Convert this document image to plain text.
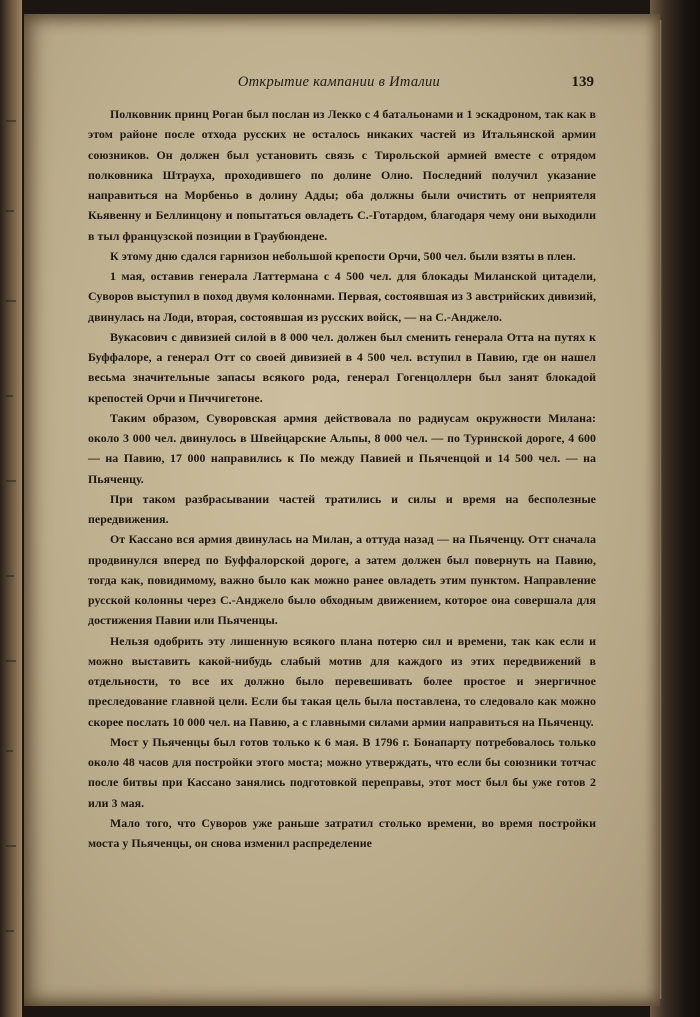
Открытие кампании в Италии	139

Полковник принц Роган был послан из Лекко с 4 батальонами и 1 эскадроном, так как в этом районе после отхода русских не осталось никаких частей из Итальянской армии союзников. Он должен был установить связь с Тирольской армией вместе с отрядом полковника Штрауха, проходившего по долине Олио. Последний получил указание направиться на Морбеньо в долину Адды; оба должны были очистить от неприятеля Кьявенну и Беллинцону и попытаться овладеть С.-Готардом, благодаря чему они выходили в тыл французской позиции в Граубюндене.

К этому дню сдался гарнизон небольшой крепости Орчи, 500 чел. были взяты в плен.

1 мая, оставив генерала Латтермана с 4 500 чел. для блокады Миланской цитадели, Суворов выступил в поход двумя колоннами. Первая, состоявшая из 3 австрийских дивизий, двинулась на Лоди, вторая, состоявшая из русских войск, — на С.-Анджело.

Вукасович с дивизией силой в 8 000 чел. должен был сменить генерала Отта на путях к Буффалоре, а генерал Отт со своей дивизией в 4 500 чел. вступил в Павию, где он нашел весьма значительные запасы всякого рода, генерал Гогенцоллерн был занят блокадой крепостей Орчи и Пиччигетоне.

Таким образом, Суворовская армия действовала по радиусам окружности Милана: около 3 000 чел. двинулось в Швейцарские Альпы, 8 000 чел. — по Туринской дороге, 4 600 — на Павию, 17 000 направились к По между Павией и Пьяченцой и 14 500 чел. — на Пьяченцу.

При таком разбрасывании частей тратились и силы и время на бесполезные передвижения.

От Кассано вся армия двинулась на Милан, а оттуда назад — на Пьяченцу. Отт сначала продвинулся вперед по Буффалорской дороге, а затем должен был повернуть на Павию, тогда как, повидимому, важно было как можно ранее овладеть этим пунктом. Направление русской колонны через С.-Анджело было обходным движением, которое она совершала для достижения Павии или Пьяченцы.

Нельзя одобрить эту лишенную всякого плана потерю сил и времени, так как если и можно выставить какой-нибудь слабый мотив для каждого из этих передвижений в отдельности, то все их должно было перевешивать более простое и энергичное преследование главной цели. Если бы такая цель была поставлена, то следовало как можно скорее послать 10 000 чел. на Павию, а с главными силами армии направиться на Пьяченцу.

Мост у Пьяченцы был готов только к 6 мая. В 1796 г. Бонапарту потребовалось только около 48 часов для постройки этого моста; можно утверждать, что если бы союзники тотчас после битвы при Кассано занялись подготовкой переправы, этот мост был бы уже готов 2 или 3 мая.

Мало того, что Суворов уже раньше затратил столько времени, во время постройки моста у Пьяченцы, он снова изменил распределение
